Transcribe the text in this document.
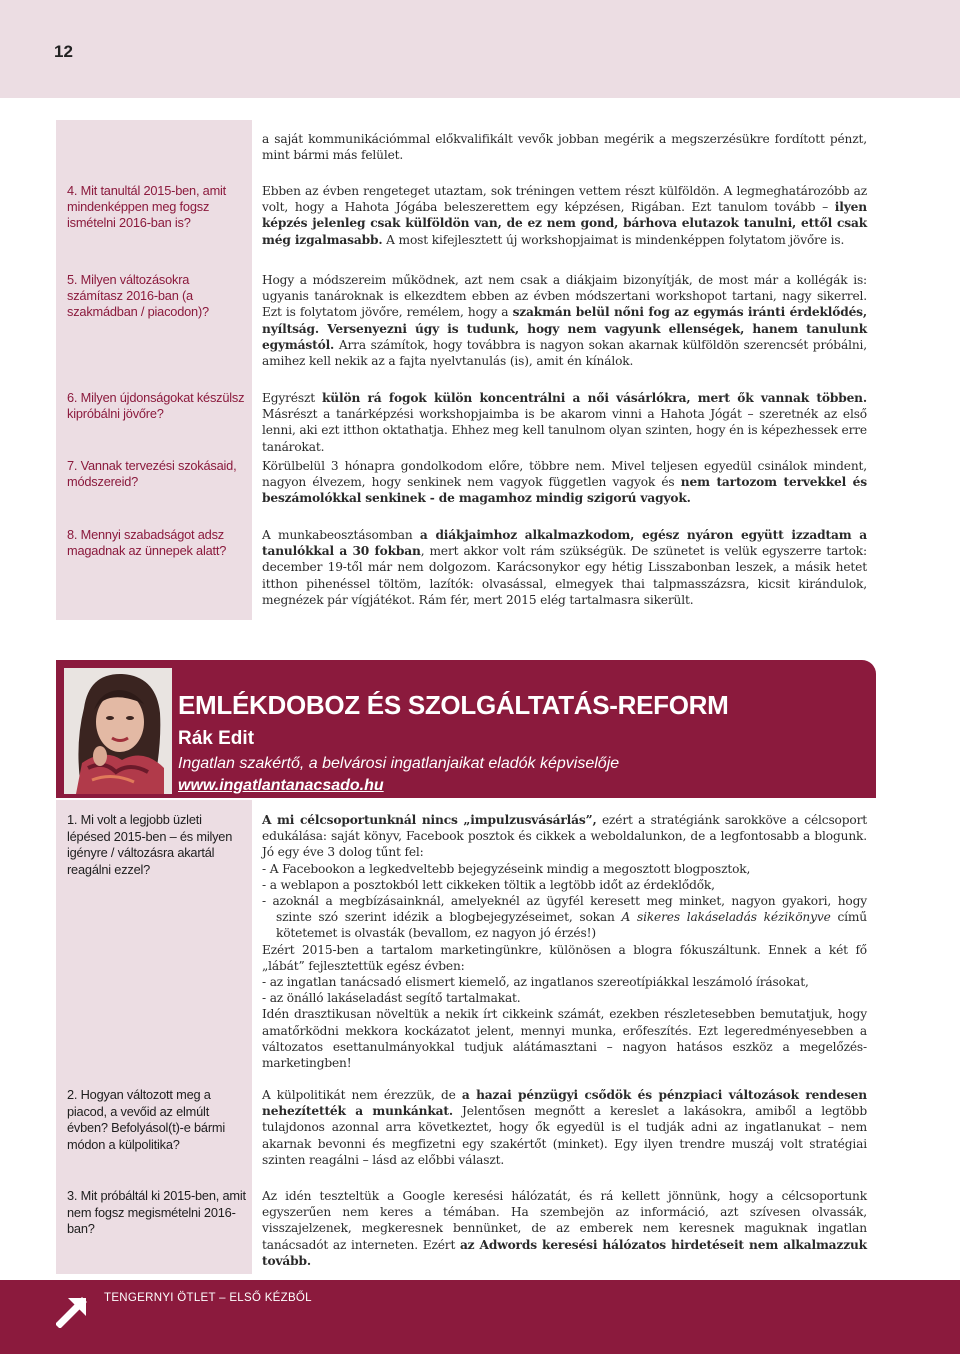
12
4. Mit tanultál 2015-ben, amit mindenképpen meg fogsz ismételni 2016-ban is?
5. Milyen változásokra számítasz 2016-ban (a szakmádban / piacodon)?
6. Milyen újdonságokat készülsz kipróbálni jövőre?
7. Vannak tervezési szokásaid, módszereid?
8. Mennyi szabadságot adsz magadnak az ünnepek alatt?

a saját kommunikációmmal előkvalifikált vevők jobban megérik a megszerzésükre fordított pénzt, mint bármi más felület.

Ebben az évben rengeteget utaztam, sok tréningen vettem részt külföldön. A legmeghatározóbb az volt, hogy a Hahota Jógába beleszerettem egy képzésen, Rigában. Ezt tanulom tovább – ilyen képzés jelenleg csak külföldön van, de ez nem gond, bárhova elutazok tanulni, ettől csak még izgalmasabb. A most kifejlesztett új workshopjaimat is mindenképpen folytatom jövőre is.

Hogy a módszereim működnek, azt nem csak a diákjaim bizonyítják, de most már a kollégák is: ugyanis tanároknak is elkezdtem ebben az évben módszertani workshopot tartani, nagy sikerrel. Ezt is folytatom jövőre, remélem, hogy a szakmán belül nőni fog az egymás iránti érdeklődés, nyíltság. Versenyezni úgy is tudunk, hogy nem vagyunk ellenségek, hanem tanulunk egymástól. Arra számítok, hogy továbbra is nagyon sokan akarnak külföldön szerencsét próbálni, amihez kell nekik az a fajta nyelvtanulás (is), amit én kínálok.

Egyrészt külön rá fogok külön koncentrálni a női vásárlókra, mert ők vannak többen. Másrészt a tanárképzési workshopjaimba is be akarom vinni a Hahota Jógát – szeretnék az első lenni, aki ezt itthon oktathatja. Ehhez meg kell tanulnom olyan szinten, hogy én is képezhessek erre tanárokat.

Körülbelül 3 hónapra gondolkodom előre, többre nem. Mivel teljesen egyedül csinálok mindent, nagyon élvezem, hogy senkinek nem vagyok független vagyok és nem tartozom tervekkel és beszámolókkal senkinek - de magamhoz mindig szigorú vagyok.

A munkabeosztásomban a diákjaimhoz alkalmazkodom, egész nyáron együtt izzadtam a tanulókkal a 30 fokban, mert akkor volt rám szükségük. De szünetet is velük egyszerre tartok: december 19-től már nem dolgozom. Karácsonykor egy hétig Lisszabonban leszek, a másik hetet itthon pihenéssel töltöm, lazítók: olvasással, elmegyek thai talpmasszázsra, kicsit kirándulok, megnézek pár vígjátékot. Rám fér, mert 2015 elég tartalmasra sikerült.

EMLÉKDOBOZ ÉS SZOLGÁLTATÁS-REFORM
Rák Edit
Ingatlan szakértő, a belvárosi ingatlanjaikat eladók képviselője
www.ingatlantanacsado.hu
1. Mi volt a legjobb üzleti lépésed 2015-ben – és milyen igényre / változásra akartál reagálni ezzel?
2. Hogyan változott meg a piacod, a vevőid az elmúlt évben? Befolyásol(t)-e bármi módon a külpolitika?
3. Mit próbáltál ki 2015-ben, amit nem fogsz megismételni 2016-ban?
A mi célcsoportunknál nincs „impulzusvásárlás”, ezért a stratégiánk sarokköve a célcsoport edukálása: saját könyv, Facebook posztok és cikkek a weboldalunkon, de a legfontosabb a blogunk. Jó egy éve 3 dolog tűnt fel:
- A Facebookon a legkedveltebb bejegyzéseink mindig a megosztott blogposztok,
- a weblapon a posztokból lett cikkeken töltik a legtöbb időt az érdeklődők,
- azoknál a megbízásainknál, amelyeknél az ügyfél keresett meg minket, nagyon gyakori, hogy szinte szó szerint idézik a blogbejegyzéseimet, sokan A sikeres lakáseladás kézikönyve című kötetemet is olvasták (bevallom, ez nagyon jó érzés!)
Ezért 2015-ben a tartalom marketingünkre, különösen a blogra fókuszáltunk. Ennek a két fő „lábát” fejlesztettük egész évben:
- az ingatlan tanácsadó elismert kiemelő, az ingatlanos szereotípiákkal leszámoló írásokat,
- az önálló lakáseladást segítő tartalmakat.
Idén drasztikusan növeltük a nekik írt cikkeink számát, ezekben részletesebben bemutatjuk, hogy amatőrködni mekkora kockázatot jelent, mennyi munka, erőfeszítés. Ezt legeredményesebben a változatos esettanulmányokkal tudjuk alátámasztani – nagyon hatásos eszköz a megelőzés-marketingben!

A külpolitikát nem érezzük, de a hazai pénzügyi csődök és pénzpiaci változások rendesen nehezítették a munkánkat. Jelentősen megnőtt a kereslet a lakásokra, amiből a legtöbb tulajdonos azonnal arra következtet, hogy ők egyedül is el tudják adni az ingatlanukat – nem akarnak bevonni és megfizetni egy szakértőt (minket). Egy ilyen trendre muszáj volt stratégiai szinten reagálni – lásd az előbbi választ.

Az idén teszteltük a Google keresési hálózatát, és rá kellett jönnünk, hogy a célcsoportunk egyszerűen nem keres a témában. Ha szembejön az információ, azt szívesen olvassák, visszajelzenek, megkeresnek bennünket, de az emberek nem keresnek maguknak ingatlan tanácsadót az interneten. Ezért az Adwords keresési hálózatos hirdetéseit nem alkalmazzuk tovább.

TENGERNYI ÖTLET – ELSŐ KÉZBŐL
